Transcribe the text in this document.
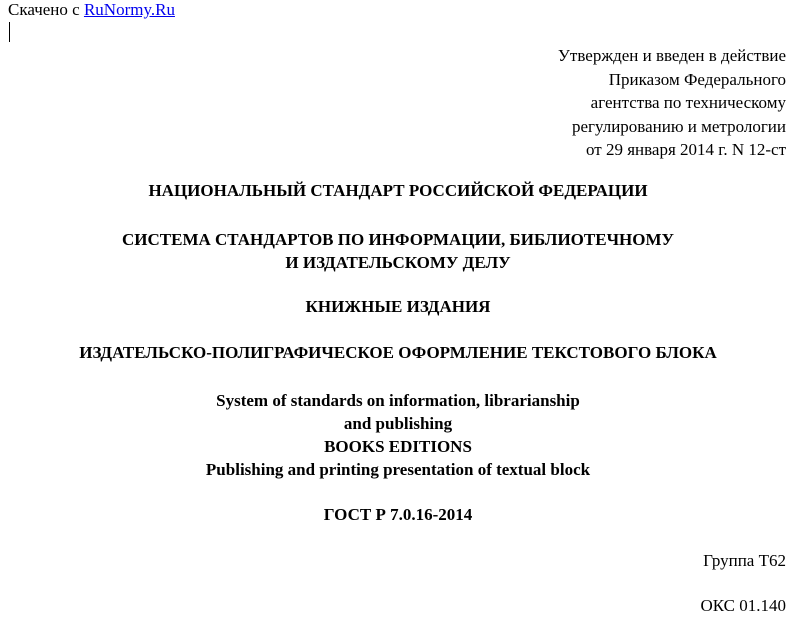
Скачено с RuNormy.Ru
Утвержден и введен в действие
Приказом Федерального
агентства по техническому
регулированию и метрологии
от 29 января 2014 г. N 12-ст
НАЦИОНАЛЬНЫЙ СТАНДАРТ РОССИЙСКОЙ ФЕДЕРАЦИИ
СИСТЕМА СТАНДАРТОВ ПО ИНФОРМАЦИИ, БИБЛИОТЕЧНОМУ
И ИЗДАТЕЛЬСКОМУ ДЕЛУ
КНИЖНЫЕ ИЗДАНИЯ
ИЗДАТЕЛЬСКО-ПОЛИГРАФИЧЕСКОЕ ОФОРМЛЕНИЕ ТЕКСТОВОГО БЛОКА
System of standards on information, librarianship
and publishing
BOOKS EDITIONS
Publishing and printing presentation of textual block
ГОСТ Р 7.0.16-2014
Группа Т62
ОКС 01.140
